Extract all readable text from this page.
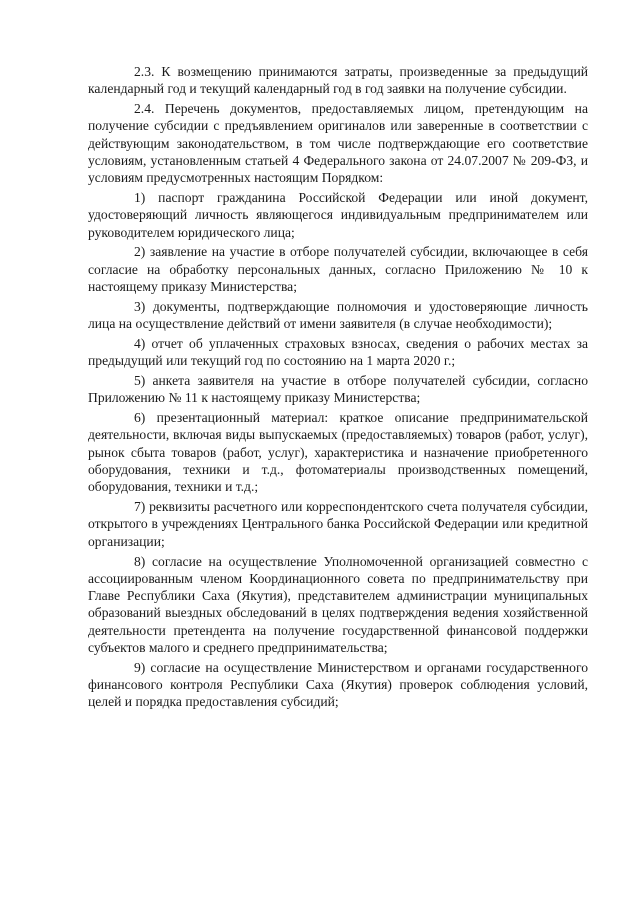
2.3. К возмещению принимаются затраты, произведенные за предыдущий календарный год и текущий календарный год в год заявки на получение субсидии.

2.4. Перечень документов, предоставляемых лицом, претендующим на получение субсидии с предъявлением оригиналов или заверенные в соответствии с действующим законодательством, в том числе подтверждающие его соответствие условиям, установленным статьей 4 Федерального закона от 24.07.2007 № 209-ФЗ, и условиям предусмотренных настоящим Порядком:

1) паспорт гражданина Российской Федерации или иной документ, удостоверяющий личность являющегося индивидуальным предпринимателем или руководителем юридического лица;

2) заявление на участие в отборе получателей субсидии, включающее в себя согласие на обработку персональных данных, согласно Приложению № 10 к настоящему приказу Министерства;

3) документы, подтверждающие полномочия и удостоверяющие личность лица на осуществление действий от имени заявителя (в случае необходимости);

4) отчет об уплаченных страховых взносах, сведения о рабочих местах за предыдущий или текущий год по состоянию на 1 марта 2020 г.;

5) анкета заявителя на участие в отборе получателей субсидии, согласно Приложению № 11 к настоящему приказу Министерства;

6) презентационный материал: краткое описание предпринимательской деятельности, включая виды выпускаемых (предоставляемых) товаров (работ, услуг), рынок сбыта товаров (работ, услуг), характеристика и назначение приобретенного оборудования, техники и т.д., фотоматериалы производственных помещений, оборудования, техники и т.д.;

7) реквизиты расчетного или корреспондентского счета получателя субсидии, открытого в учреждениях Центрального банка Российской Федерации или кредитной организации;

8) согласие на осуществление Уполномоченной организацией совместно с ассоциированным членом Координационного совета по предпринимательству при Главе Республики Саха (Якутия), представителем администрации муниципальных образований выездных обследований в целях подтверждения ведения хозяйственной деятельности претендента на получение государственной финансовой поддержки субъектов малого и среднего предпринимательства;

9) согласие на осуществление Министерством и органами государственного финансового контроля Республики Саха (Якутия) проверок соблюдения условий, целей и порядка предоставления субсидий;
